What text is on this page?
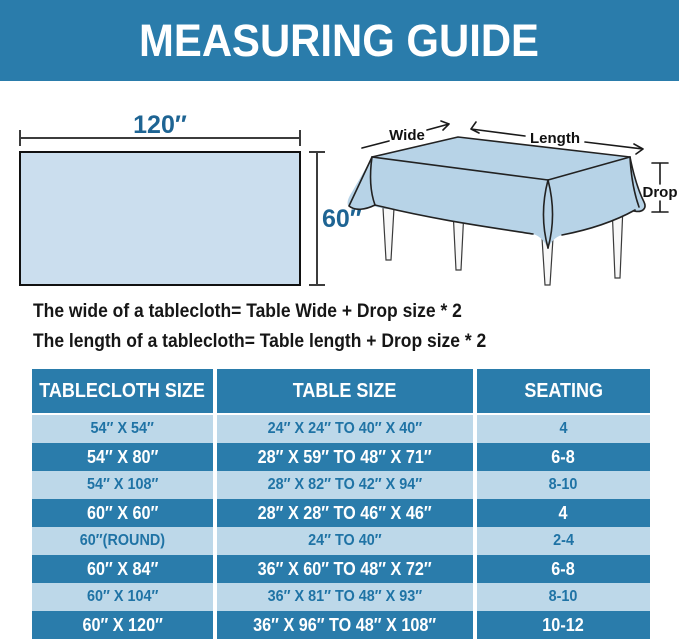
MEASURING GUIDE
120″
60″
Wide	Length
Drop

The wide of a tablecloth= Table Wide + Drop size * 2

The length of a tablecloth= Table length + Drop size * 2

TABLECLOTH SIZE	TABLE SIZE	SEATING
54″ X 54″	24″ X 24″ TO 40″ X 40″	4
54″ X 80″	28″ X 59″ TO 48″ X 71″	6-8
54″ X 108″	28″ X 82″ TO 42″ X 94″	8-10
60″ X 60″	28″ X 28″ TO 46″ X 46″	4
60″(ROUND)	24″ TO 40″	2-4
60″ X 84″	36″ X 60″ TO 48″ X 72″	6-8
60″ X 104″	36″ X 81″ TO 48″ X 93″	8-10
60″ X 120″	36″ X 96″ TO 48″ X 108″	10-12
